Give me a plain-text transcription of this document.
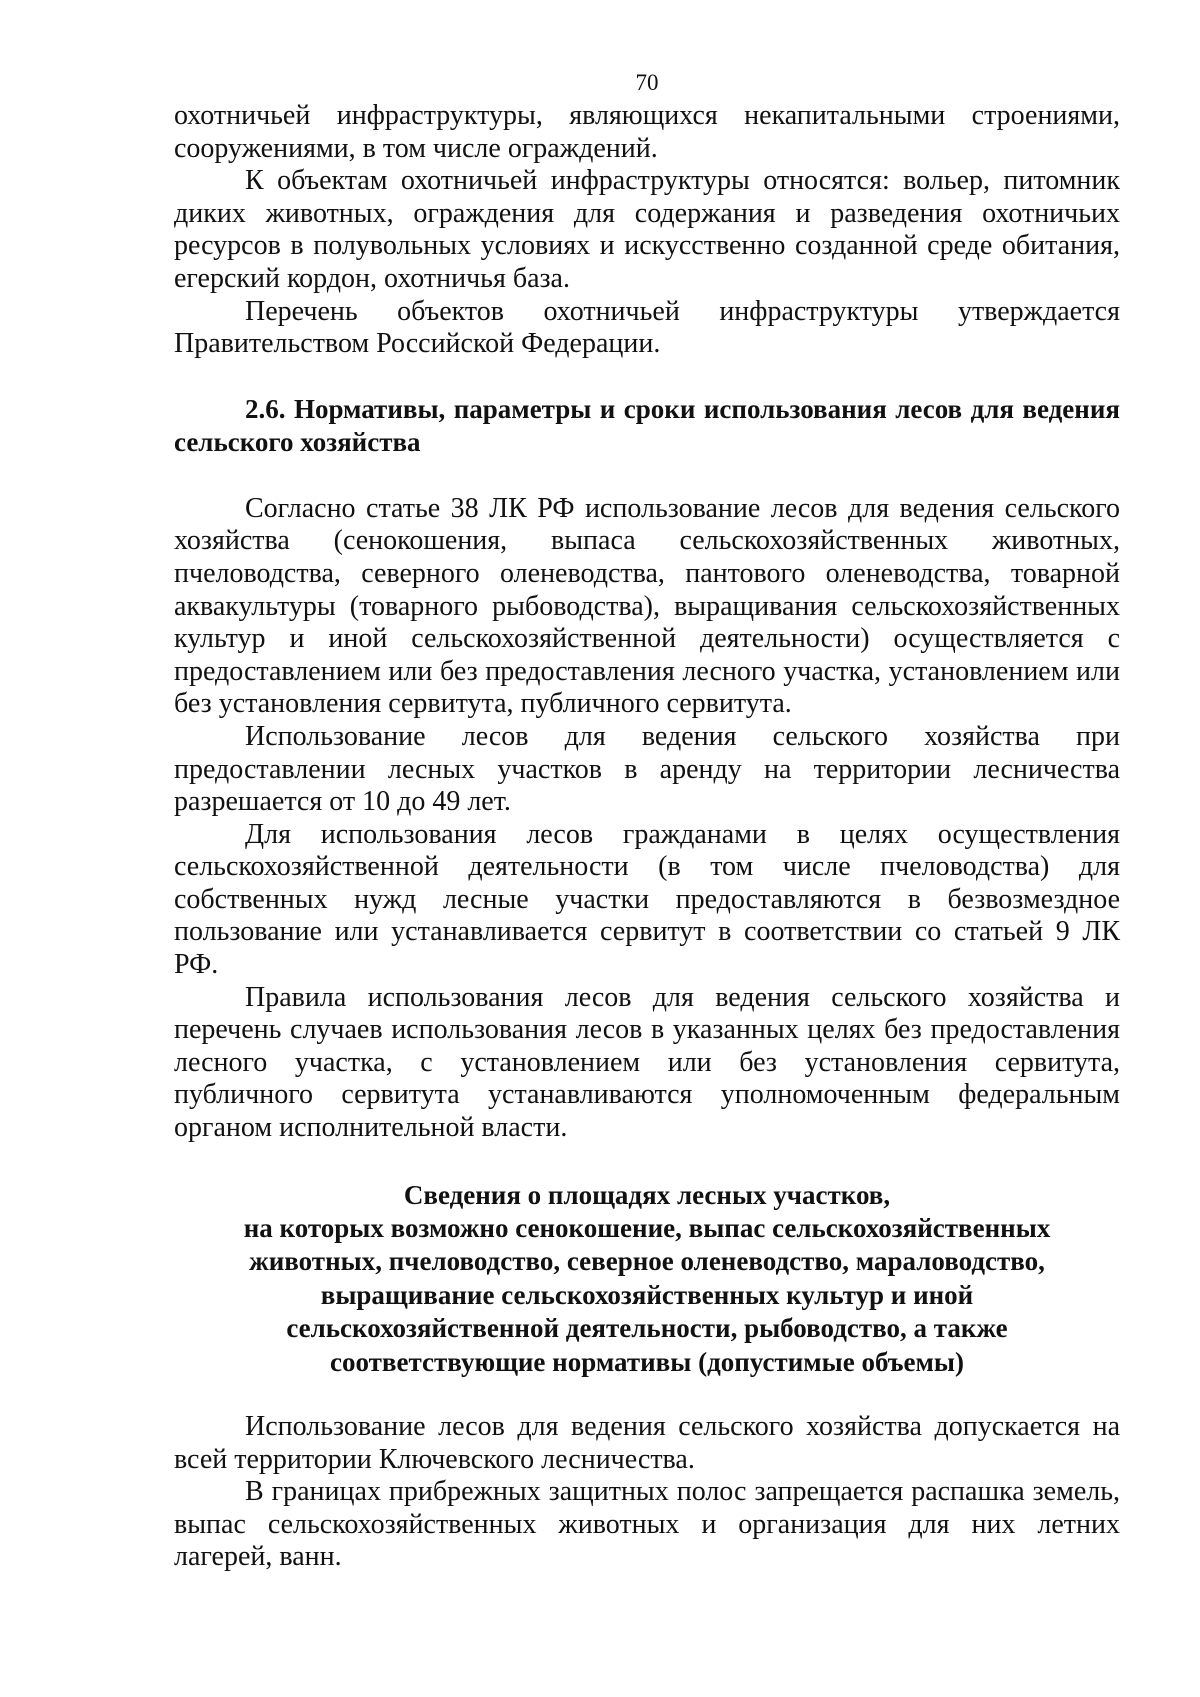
70

охотничьей инфраструктуры, являющихся некапитальными строениями, сооружениями, в том числе ограждений.

К объектам охотничьей инфраструктуры относятся: вольер, питомник диких животных, ограждения для содержания и разведения охотничьих ресурсов в полувольных условиях и искусственно созданной среде обитания, егерский кордон, охотничья база.

Перечень объектов охотничьей инфраструктуры утверждается Правительством Российской Федерации.

2.6. Нормативы, параметры и сроки использования лесов для ведения сельского хозяйства

Согласно статье 38 ЛК РФ использование лесов для ведения сельского хозяйства (сенокошения, выпаса сельскохозяйственных животных, пчеловодства, северного оленеводства, пантового оленеводства, товарной аквакультуры (товарного рыбоводства), выращивания сельскохозяйственных культур и иной сельскохозяйственной деятельности) осуществляется с предоставлением или без предоставления лесного участка, установлением или без установления сервитута, публичного сервитута.

Использование лесов для ведения сельского хозяйства при предоставлении лесных участков в аренду на территории лесничества разрешается от 10 до 49 лет.

Для использования лесов гражданами в целях осуществления сельскохозяйственной деятельности (в том числе пчеловодства) для собственных нужд лесные участки предоставляются в безвозмездное пользование или устанавливается сервитут в соответствии со статьей 9 ЛК РФ.

Правила использования лесов для ведения сельского хозяйства и перечень случаев использования лесов в указанных целях без предоставления лесного участка, с установлением или без установления сервитута, публичного сервитута устанавливаются уполномоченным федеральным органом исполнительной власти.

Сведения о площадях лесных участков,
на которых возможно сенокошение, выпас сельскохозяйственных
животных, пчеловодство, северное оленеводство, мараловодство,
выращивание сельскохозяйственных культур и иной
сельскохозяйственной деятельности, рыбоводство, а также
соответствующие нормативы (допустимые объемы)

Использование лесов для ведения сельского хозяйства допускается на всей территории Ключевского лесничества.

В границах прибрежных защитных полос запрещается распашка земель, выпас сельскохозяйственных животных и организация для них летних лагерей, ванн.
